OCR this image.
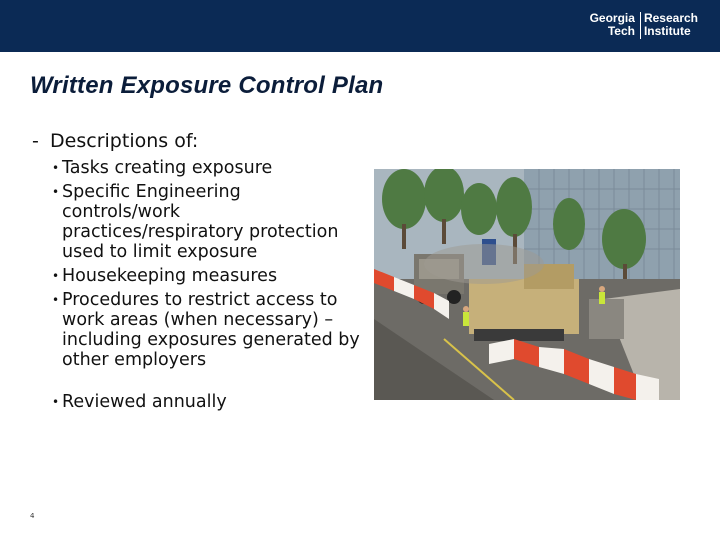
Georgia
Tech
Research
Institute
Written Exposure Control Plan
- Descriptions of:
• Tasks creating exposure
• Specific Engineering controls/work practices/respiratory protection used to limit exposure
• Housekeeping measures
• Procedures to restrict access to work areas (when necessary) – including exposures generated by other employers
• Reviewed annually
4
